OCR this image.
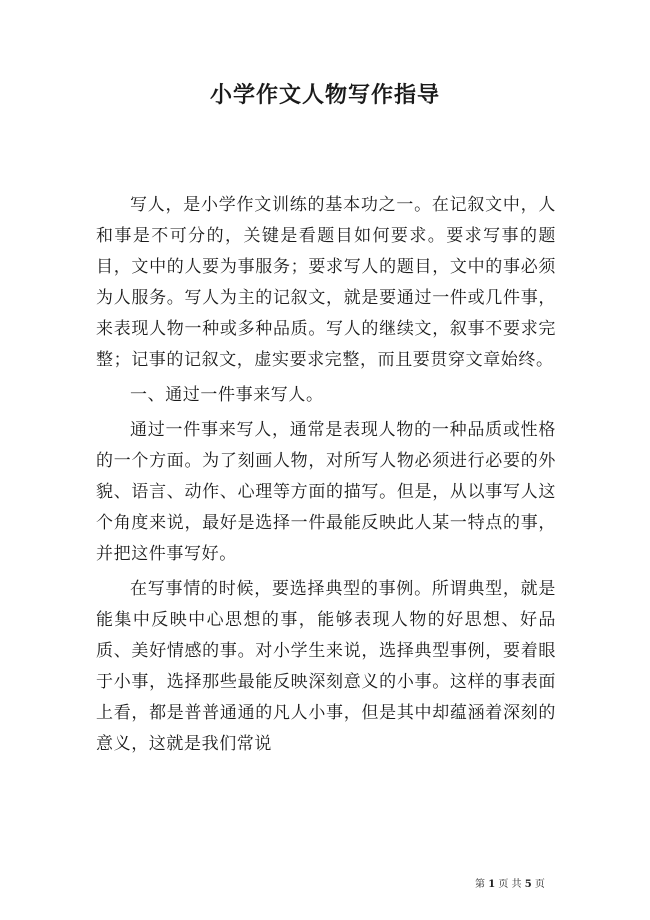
小学作文人物写作指导

写人，是小学作文训练的基本功之一。在记叙文中，人和事是不可分的，关键是看题目如何要求。要求写事的题目，文中的人要为事服务；要求写人的题目，文中的事必须为人服务。写人为主的记叙文，就是要通过一件或几件事，来表现人物一种或多种品质。写人的继续文，叙事不要求完整；记事的记叙文，虚实要求完整，而且要贯穿文章始终。

一、通过一件事来写人。

通过一件事来写人，通常是表现人物的一种品质或性格的一个方面。为了刻画人物，对所写人物必须进行必要的外貌、语言、动作、心理等方面的描写。但是，从以事写人这个角度来说，最好是选择一件最能反映此人某一特点的事，并把这件事写好。

在写事情的时候，要选择典型的事例。所谓典型，就是能集中反映中心思想的事，能够表现人物的好思想、好品质、美好情感的事。对小学生来说，选择典型事例，要着眼于小事，选择那些最能反映深刻意义的小事。这样的事表面上看，都是普普通通的凡人小事，但是其中却蕴涵着深刻的意义，这就是我们常说

第 1 页 共 5 页
